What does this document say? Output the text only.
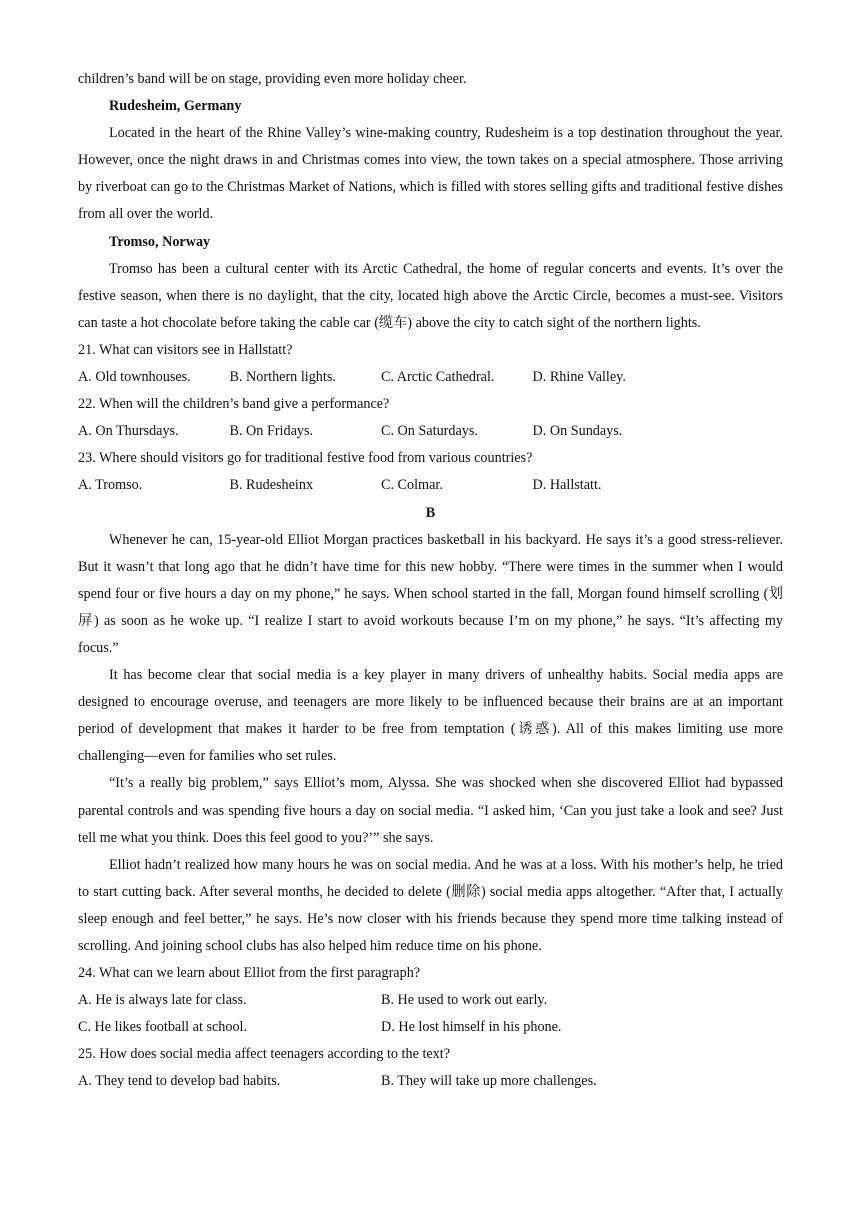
children’s band will be on stage, providing even more holiday cheer.
Rudesheim, Germany

Located in the heart of the Rhine Valley’s wine-making country, Rudesheim is a top destination throughout the year. However, once the night draws in and Christmas comes into view, the town takes on a special atmosphere. Those arriving by riverboat can go to the Christmas Market of Nations, which is filled with stores selling gifts and traditional festive dishes from all over the world.

Tromso, Norway

Tromso has been a cultural center with its Arctic Cathedral, the home of regular concerts and events. It’s over the festive season, when there is no daylight, that the city, located high above the Arctic Circle, becomes a must-see. Visitors can taste a hot chocolate before taking the cable car (缆车) above the city to catch sight of the northern lights.

21. What can visitors see in Hallstatt?
A. Old townhouses.	B. Northern lights.	C. Arctic Cathedral.	D. Rhine Valley.
22. When will the children’s band give a performance?
A. On Thursdays.	B. On Fridays.	C. On Saturdays.	D. On Sundays.
23. Where should visitors go for traditional festive food from various countries?
A. Tromso.	B. Rudesheinx	C. Colmar.	D. Hallstatt.
B

Whenever he can, 15-year-old Elliot Morgan practices basketball in his backyard. He says it’s a good stress-reliever. But it wasn’t that long ago that he didn’t have time for this new hobby. “There were times in the summer when I would spend four or five hours a day on my phone,” he says. When school started in the fall, Morgan found himself scrolling (划屏) as soon as he woke up. “I realize I start to avoid workouts because I’m on my phone,” he says. “It’s affecting my focus.”

It has become clear that social media is a key player in many drivers of unhealthy habits. Social media apps are designed to encourage overuse, and teenagers are more likely to be influenced because their brains are at an important period of development that makes it harder to be free from temptation (诱惑). All of this makes limiting use more challenging—even for families who set rules.

“It’s a really big problem,” says Elliot’s mom, Alyssa. She was shocked when she discovered Elliot had bypassed parental controls and was spending five hours a day on social media. “I asked him, ‘Can you just take a look and see? Just tell me what you think. Does this feel good to you?’” she says.

Elliot hadn’t realized how many hours he was on social media. And he was at a loss. With his mother’s help, he tried to start cutting back. After several months, he decided to delete (删除) social media apps altogether. “After that, I actually sleep enough and feel better,” he says. He’s now closer with his friends because they spend more time talking instead of scrolling. And joining school clubs has also helped him reduce time on his phone.

24. What can we learn about Elliot from the first paragraph?
A. He is always late for class.	B. He used to work out early.
C. He likes football at school.	D. He lost himself in his phone.
25. How does social media affect teenagers according to the text?
A. They tend to develop bad habits.	B. They will take up more challenges.
